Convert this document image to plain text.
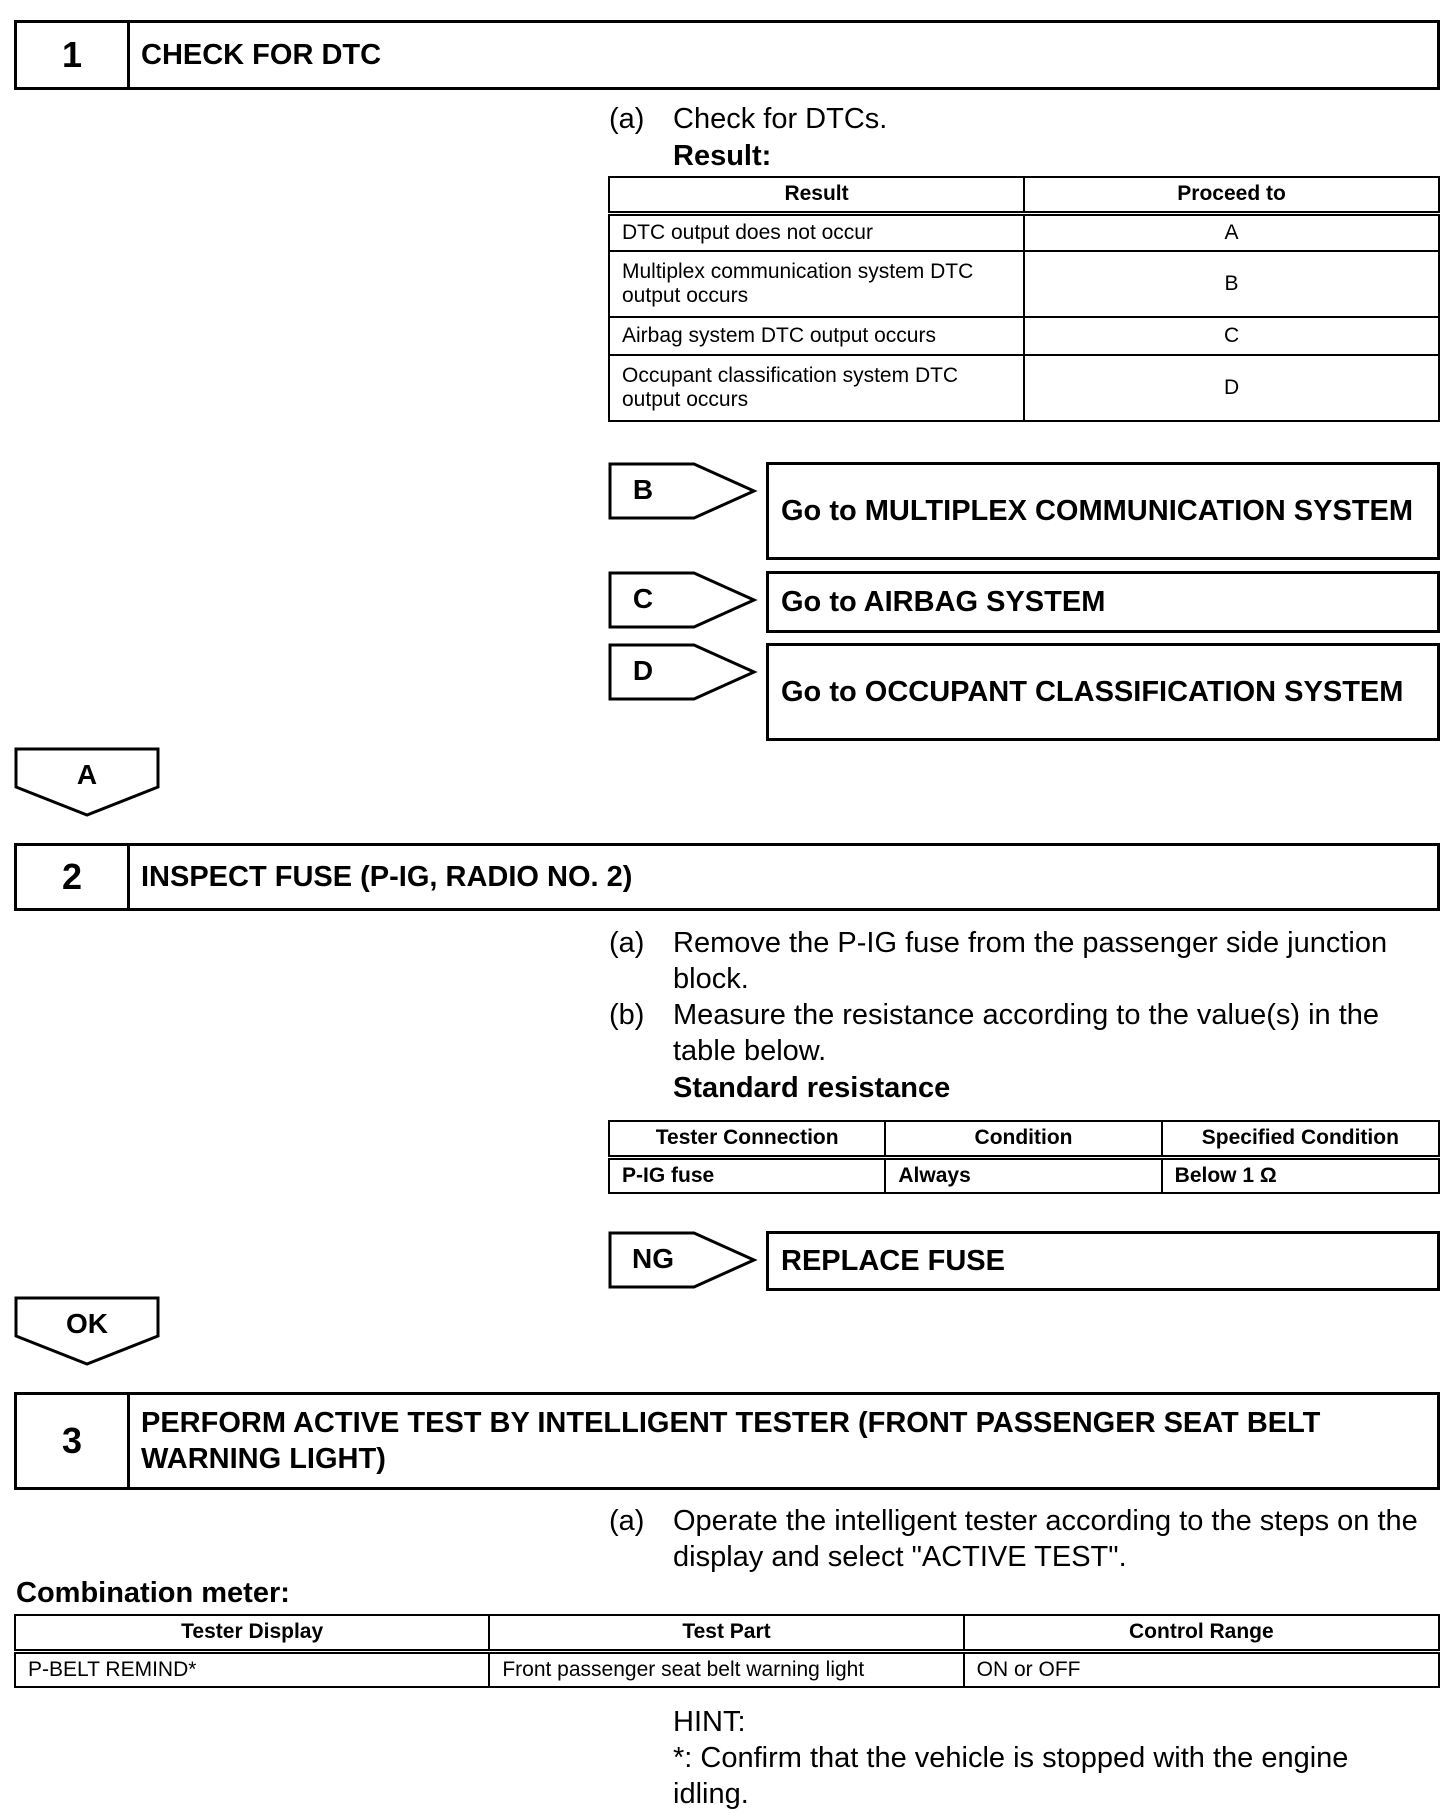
1	CHECK FOR DTC
(a) Check for DTCs.
Result:
Result	Proceed to
DTC output does not occur	A
Multiplex communication system DTC output occurs	B
Airbag system DTC output occurs	C
Occupant classification system DTC output occurs	D
B
Go to MULTIPLEX COMMUNICATION SYSTEM
C	Go to AIRBAG SYSTEM
D
Go to OCCUPANT CLASSIFICATION SYSTEM
A
2	INSPECT FUSE (P-IG, RADIO NO. 2)
(a) Remove the P-IG fuse from the passenger side junction block.
(b) Measure the resistance according to the value(s) in the table below.
Standard resistance
Tester Connection	Condition	Specified Condition
P-IG fuse	Always	Below 1 Ω
NG	REPLACE FUSE
OK
3	PERFORM ACTIVE TEST BY INTELLIGENT TESTER (FRONT PASSENGER SEAT BELT WARNING LIGHT)
(a) Operate the intelligent tester according to the steps on the display and select "ACTIVE TEST".
Combination meter:
Tester Display	Test Part	Control Range
P-BELT REMIND*	Front passenger seat belt warning light	ON or OFF
HINT:
*: Confirm that the vehicle is stopped with the engine idling.
